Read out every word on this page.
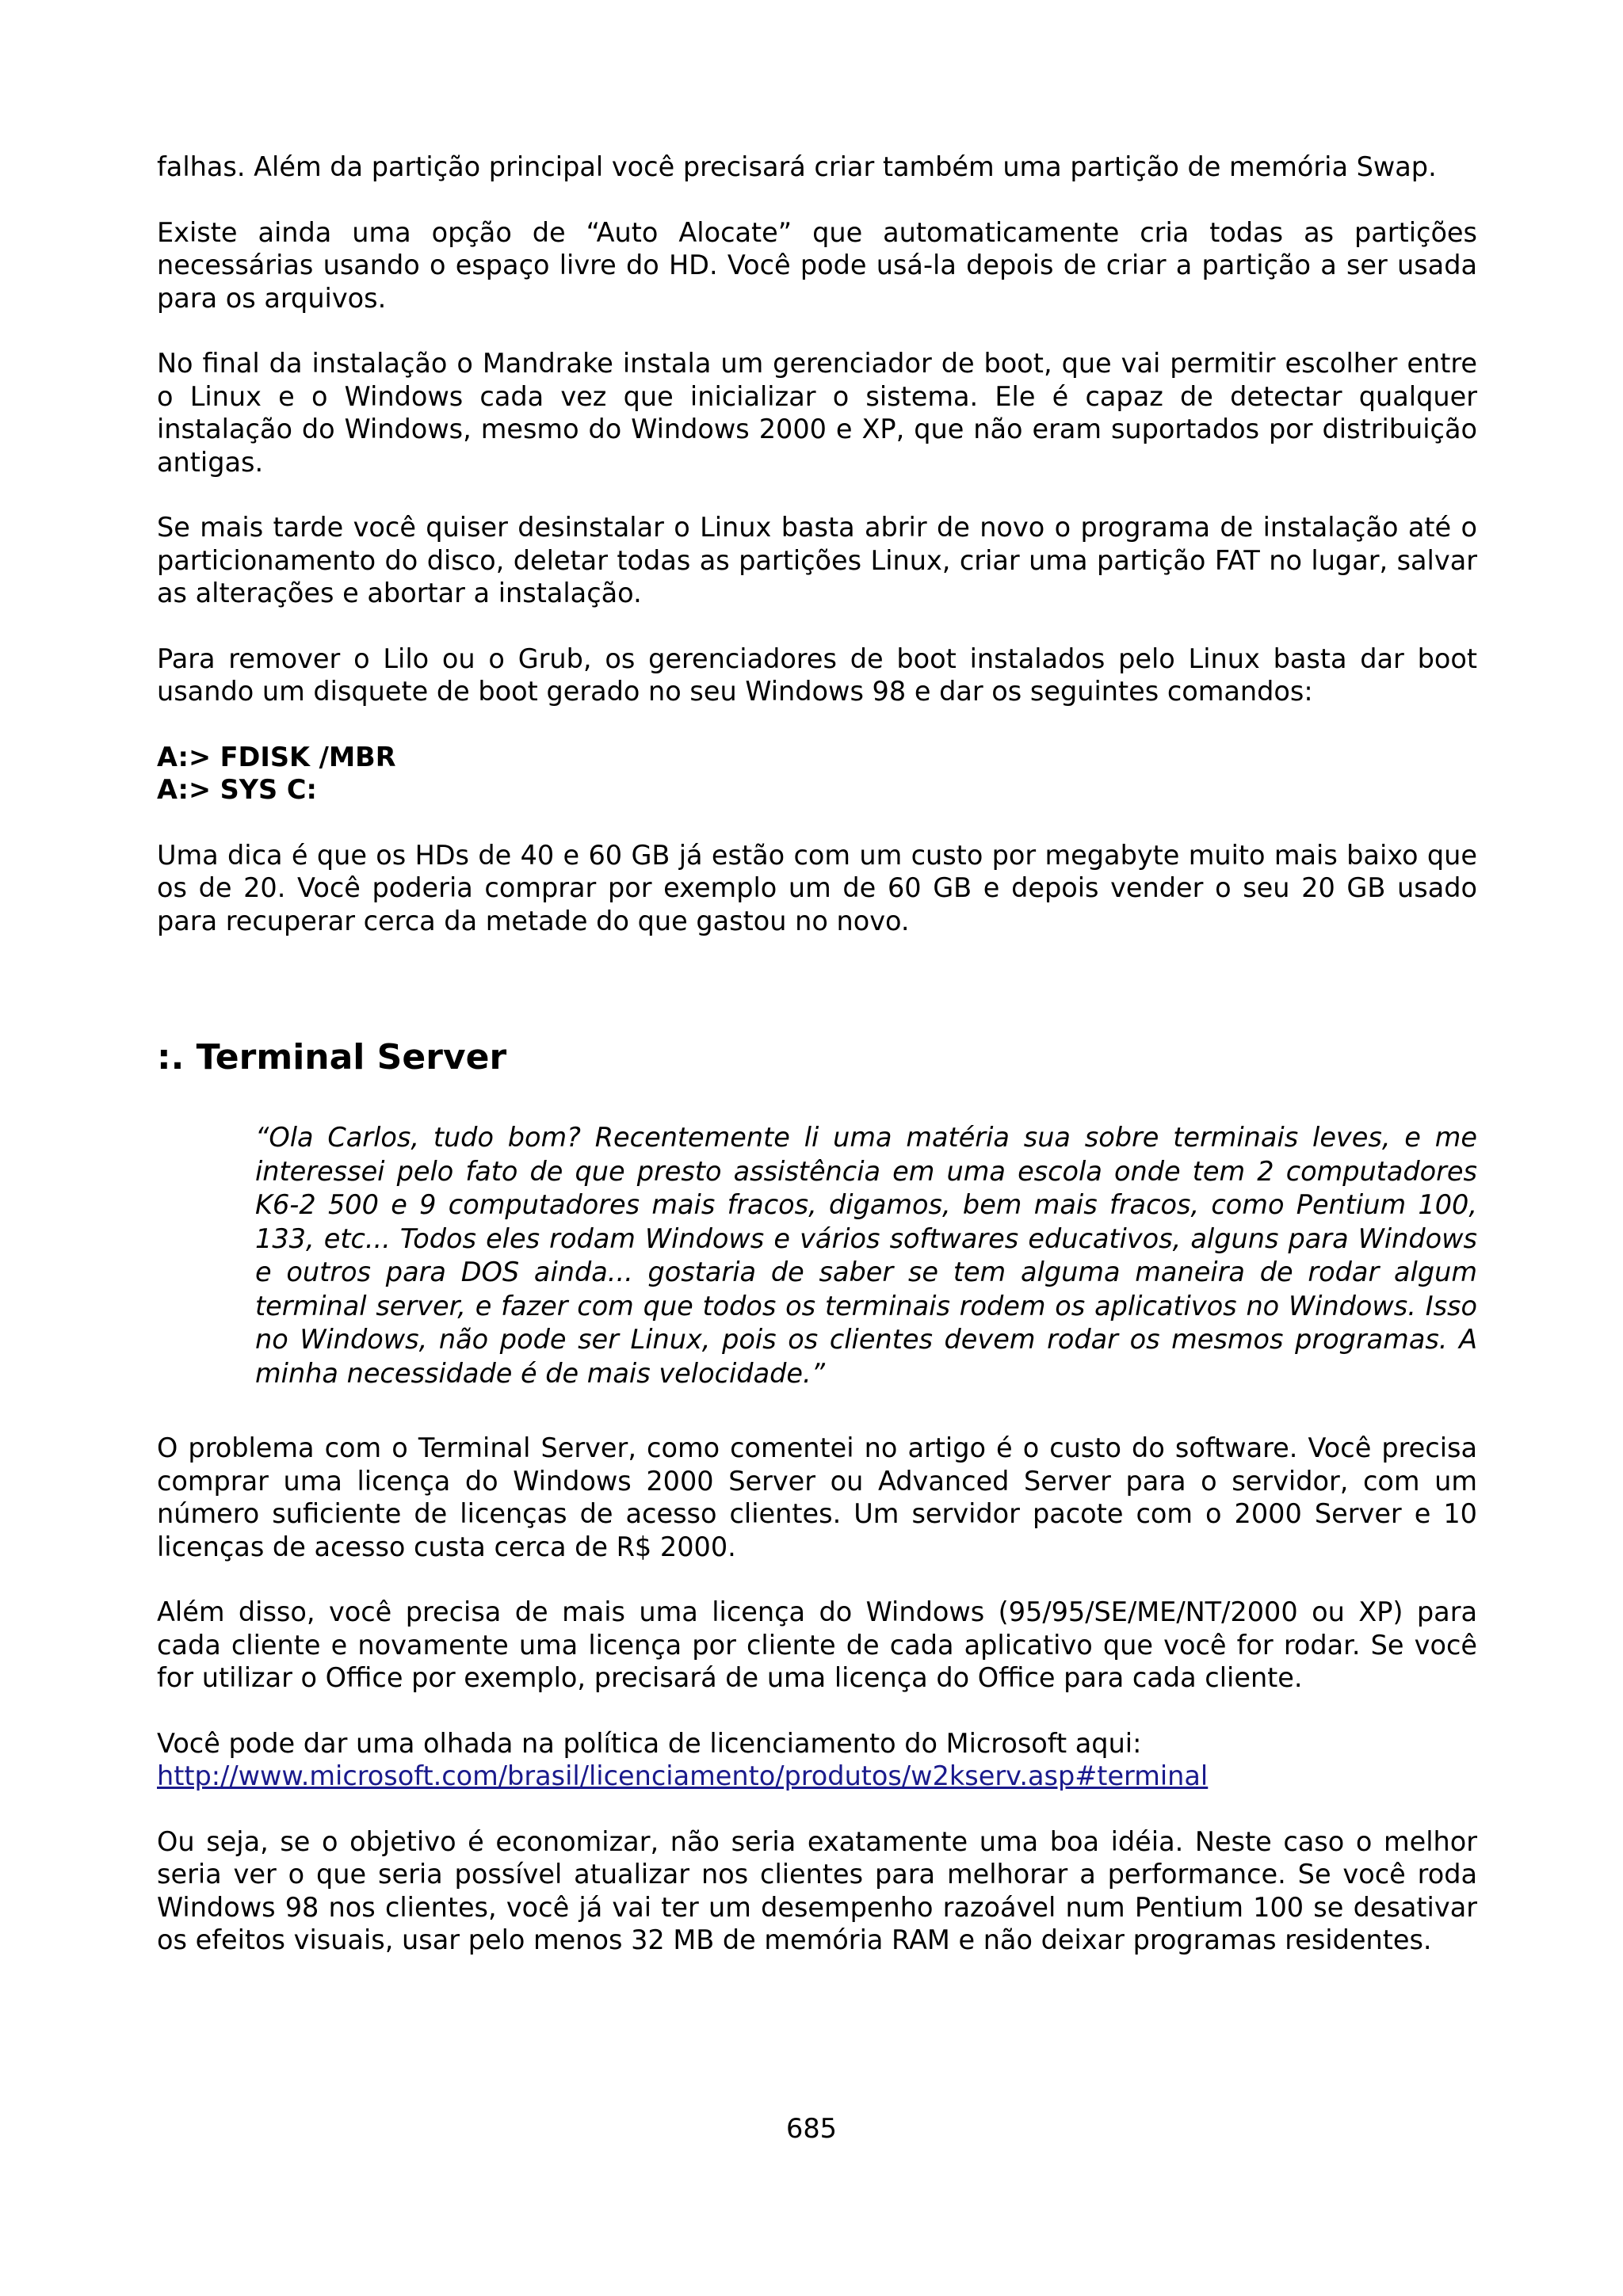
falhas. Além da partição principal você precisará criar também uma partição de memória Swap.

Existe ainda uma opção de “Auto Alocate” que automaticamente cria todas as partições necessárias usando o espaço livre do HD. Você pode usá-la depois de criar a partição a ser usada para os arquivos.

No final da instalação o Mandrake instala um gerenciador de boot, que vai permitir escolher entre o Linux e o Windows cada vez que inicializar o sistema. Ele é capaz de detectar qualquer instalação do Windows, mesmo do Windows 2000 e XP, que não eram suportados por distribuição antigas.

Se mais tarde você quiser desinstalar o Linux basta abrir de novo o programa de instalação até o particionamento do disco, deletar todas as partições Linux, criar uma partição FAT no lugar, salvar as alterações e abortar a instalação.

Para remover o Lilo ou o Grub, os gerenciadores de boot instalados pelo Linux basta dar boot usando um disquete de boot gerado no seu Windows 98 e dar os seguintes comandos:

A:> FDISK /MBR
A:> SYS C:

Uma dica é que os HDs de 40 e 60 GB já estão com um custo por megabyte muito mais baixo que os de 20. Você poderia comprar por exemplo um de 60 GB e depois vender o seu 20 GB usado para recuperar cerca da metade do que gastou no novo.

:. Terminal Server

“Ola Carlos, tudo bom? Recentemente li uma matéria sua sobre terminais leves, e me interessei pelo fato de que presto assistência em uma escola onde tem 2 computadores K6-2 500 e 9 computadores mais fracos, digamos, bem mais fracos, como Pentium 100, 133, etc... Todos eles rodam Windows e vários softwares educativos, alguns para Windows e outros para DOS ainda... gostaria de saber se tem alguma maneira de rodar algum terminal server, e fazer com que todos os terminais rodem os aplicativos no Windows. Isso no Windows, não pode ser Linux, pois os clientes devem rodar os mesmos programas. A minha necessidade é de mais velocidade.”

O problema com o Terminal Server, como comentei no artigo é o custo do software. Você precisa comprar uma licença do Windows 2000 Server ou Advanced Server para o servidor, com um número suficiente de licenças de acesso clientes. Um servidor pacote com o 2000 Server e 10 licenças de acesso custa cerca de R$ 2000.

Além disso, você precisa de mais uma licença do Windows (95/95/SE/ME/NT/2000 ou XP) para cada cliente e novamente uma licença por cliente de cada aplicativo que você for rodar. Se você for utilizar o Office por exemplo, precisará de uma licença do Office para cada cliente.

Você pode dar uma olhada na política de licenciamento do Microsoft aqui:
http://www.microsoft.com/brasil/licenciamento/produtos/w2kserv.asp#terminal

Ou seja, se o objetivo é economizar, não seria exatamente uma boa idéia. Neste caso o melhor seria ver o que seria possível atualizar nos clientes para melhorar a performance. Se você roda Windows 98 nos clientes, você já vai ter um desempenho razoável num Pentium 100 se desativar os efeitos visuais, usar pelo menos 32 MB de memória RAM e não deixar programas residentes.

685
